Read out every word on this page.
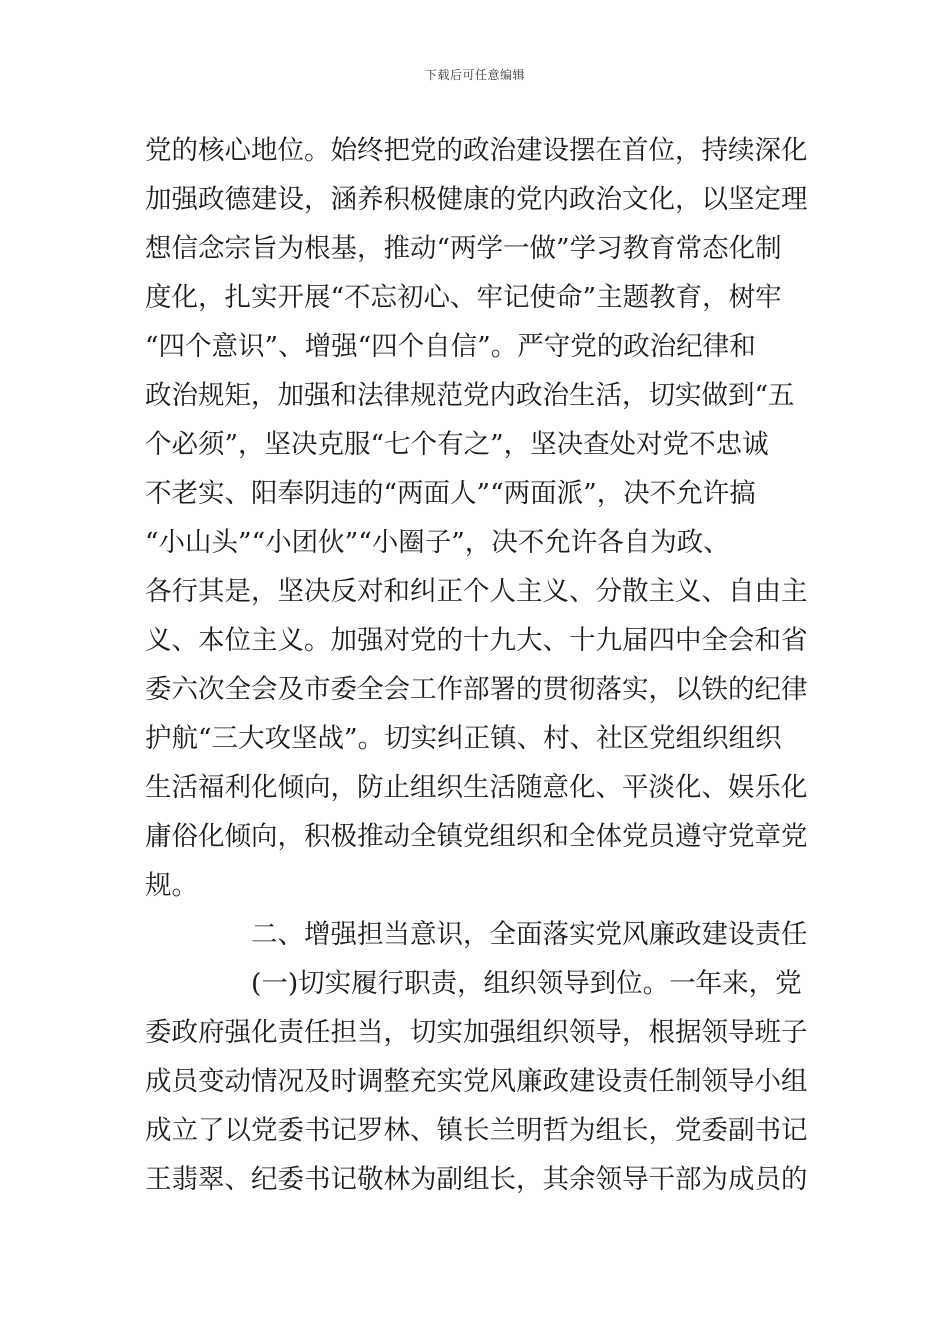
下载后可任意编辑
党的核心地位。始终把党的政治建设摆在首位，持续深化
加强政德建设，涵养积极健康的党内政治文化，以坚定理
想信念宗旨为根基，推动“两学一做”学习教育常态化制
度化，扎实开展“不忘初心、牢记使命”主题教育，树牢
“四个意识”、增强“四个自信”。严守党的政治纪律和
政治规矩，加强和法律规范党内政治生活，切实做到“五
个必须”，坚决克服“七个有之”，坚决查处对党不忠诚
不老实、阳奉阴违的“两面人”“两面派”，决不允许搞
“小山头”“小团伙”“小圈子”，决不允许各自为政、
各行其是，坚决反对和纠正个人主义、分散主义、自由主
义、本位主义。加强对党的十九大、十九届四中全会和省
委六次全会及市委全会工作部署的贯彻落实，以铁的纪律
护航“三大攻坚战”。切实纠正镇、村、社区党组织组织
生活福利化倾向，防止组织生活随意化、平淡化、娱乐化
庸俗化倾向，积极推动全镇党组织和全体党员遵守党章党
规。
二、增强担当意识，全面落实党风廉政建设责任
(一)切实履行职责，组织领导到位。一年来，党
委政府强化责任担当，切实加强组织领导，根据领导班子
成员变动情况及时调整充实党风廉政建设责任制领导小组
成立了以党委书记罗林、镇长兰明哲为组长，党委副书记
王翡翠、纪委书记敬林为副组长，其余领导干部为成员的
